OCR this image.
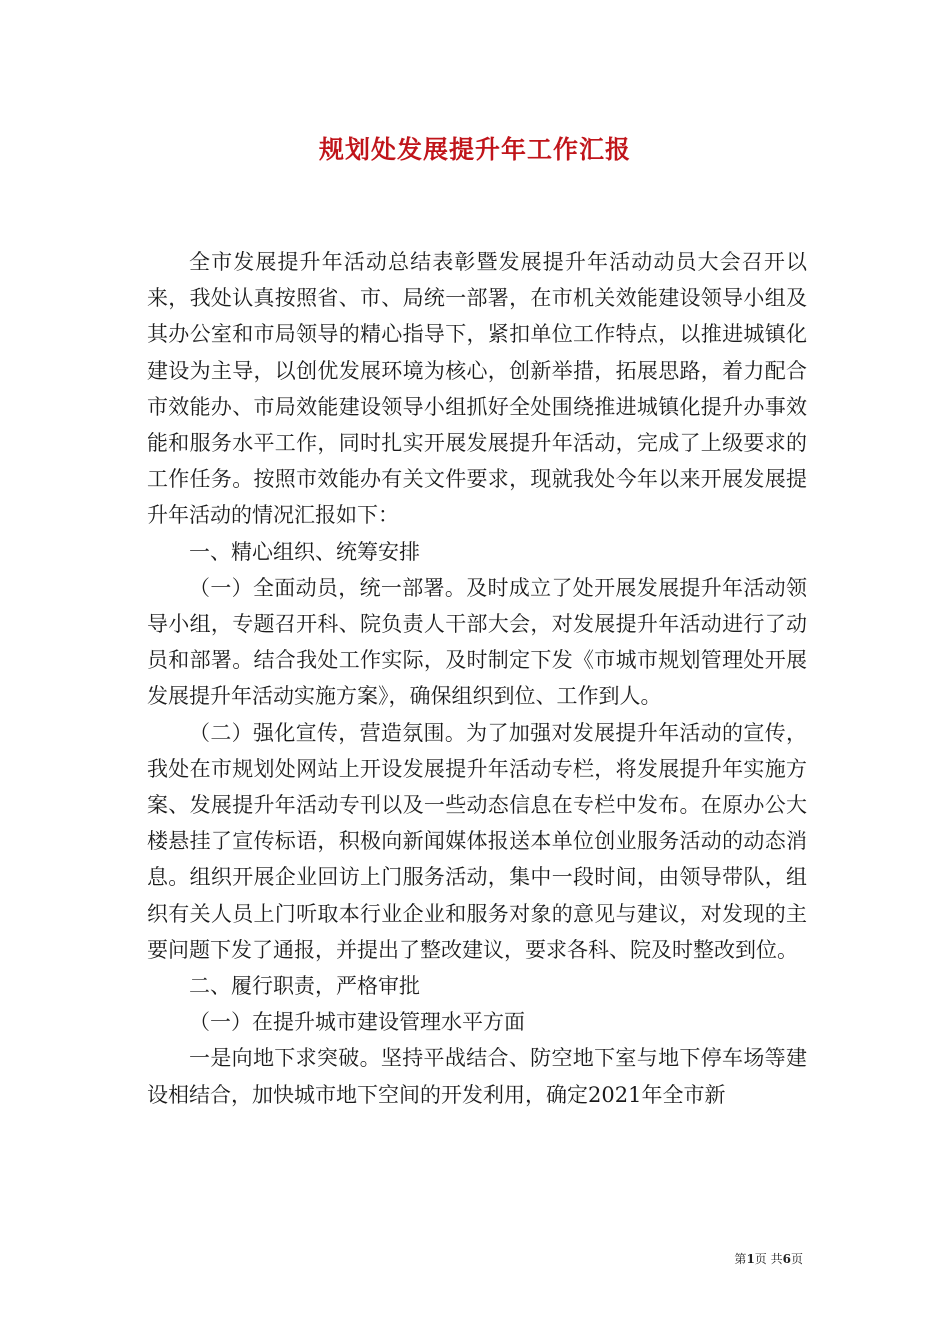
规划处发展提升年工作汇报

全市发展提升年活动总结表彰暨发展提升年活动动员大会召开以来，我处认真按照省、市、局统一部署，在市机关效能建设领导小组及其办公室和市局领导的精心指导下，紧扣单位工作特点，以推进城镇化建设为主导，以创优发展环境为核心，创新举措，拓展思路，着力配合市效能办、市局效能建设领导小组抓好全处围绕推进城镇化提升办事效能和服务水平工作，同时扎实开展发展提升年活动，完成了上级要求的工作任务。按照市效能办有关文件要求，现就我处今年以来开展发展提升年活动的情况汇报如下：

一、精心组织、统筹安排

（一）全面动员，统一部署。及时成立了处开展发展提升年活动领导小组，专题召开科、院负责人干部大会，对发展提升年活动进行了动员和部署。结合我处工作实际，及时制定下发《市城市规划管理处开展发展提升年活动实施方案》，确保组织到位、工作到人。

（二）强化宣传，营造氛围。为了加强对发展提升年活动的宣传，我处在市规划处网站上开设发展提升年活动专栏，将发展提升年实施方案、发展提升年活动专刊以及一些动态信息在专栏中发布。在原办公大楼悬挂了宣传标语，积极向新闻媒体报送本单位创业服务活动的动态消息。组织开展企业回访上门服务活动，集中一段时间，由领导带队，组织有关人员上门听取本行业企业和服务对象的意见与建议，对发现的主要问题下发了通报，并提出了整改建议，要求各科、院及时整改到位。

二、履行职责，严格审批

（一）在提升城市建设管理水平方面

一是向地下求突破。坚持平战结合、防空地下室与地下停车场等建设相结合，加快城市地下空间的开发利用，确定2021年全市新

第1页 共6页
